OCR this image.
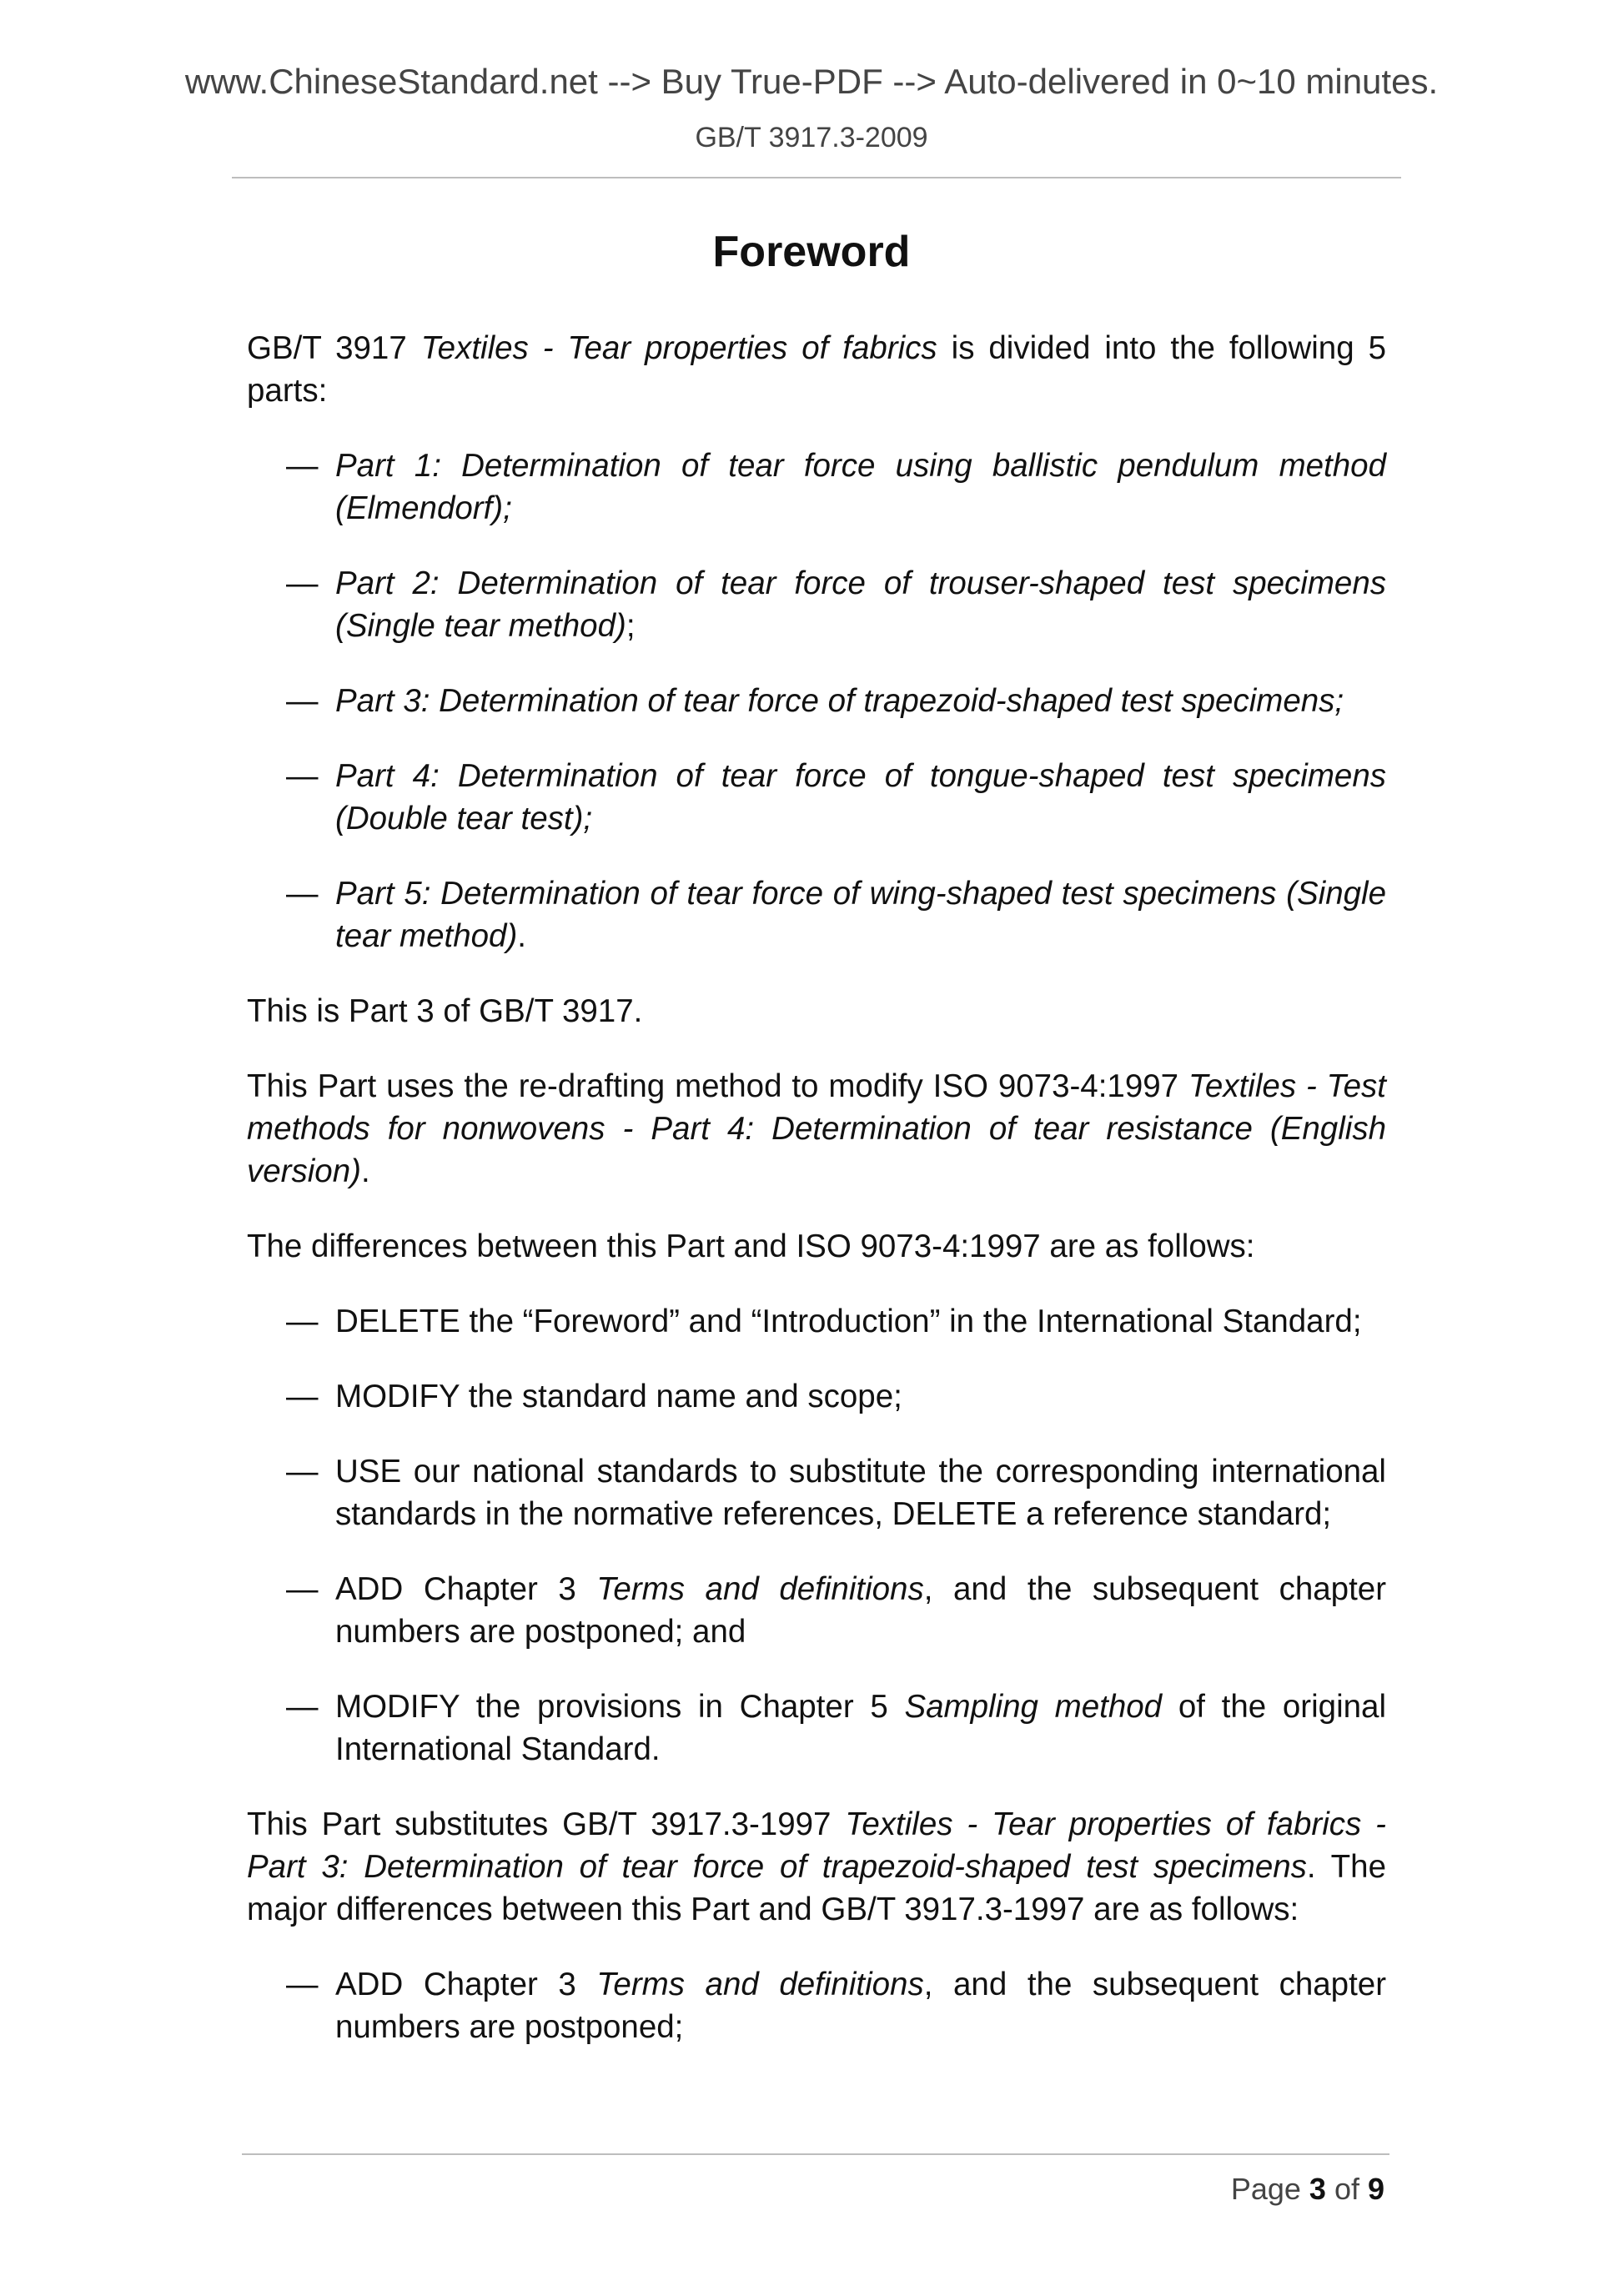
www.ChineseStandard.net --> Buy True-PDF --> Auto-delivered in 0~10 minutes.
GB/T 3917.3-2009
Foreword

GB/T 3917 Textiles - Tear properties of fabrics is divided into the following 5 parts:

— Part 1: Determination of tear force using ballistic pendulum method (Elmendorf);
— Part 2: Determination of tear force of trouser-shaped test specimens (Single tear method);
— Part 3: Determination of tear force of trapezoid-shaped test specimens;
— Part 4: Determination of tear force of tongue-shaped test specimens (Double tear test);
— Part 5: Determination of tear force of wing-shaped test specimens (Single tear method).

This is Part 3 of GB/T 3917.

This Part uses the re-drafting method to modify ISO 9073-4:1997 Textiles - Test methods for nonwovens - Part 4: Determination of tear resistance (English version).

The differences between this Part and ISO 9073-4:1997 are as follows:

— DELETE the “Foreword” and “Introduction” in the International Standard;
— MODIFY the standard name and scope;
— USE our national standards to substitute the corresponding international standards in the normative references, DELETE a reference standard;
— ADD Chapter 3 Terms and definitions, and the subsequent chapter numbers are postponed; and
— MODIFY the provisions in Chapter 5 Sampling method of the original International Standard.

This Part substitutes GB/T 3917.3-1997 Textiles - Tear properties of fabrics - Part 3: Determination of tear force of trapezoid-shaped test specimens. The major differences between this Part and GB/T 3917.3-1997 are as follows:

— ADD Chapter 3 Terms and definitions, and the subsequent chapter numbers are postponed;
Page 3 of 9
